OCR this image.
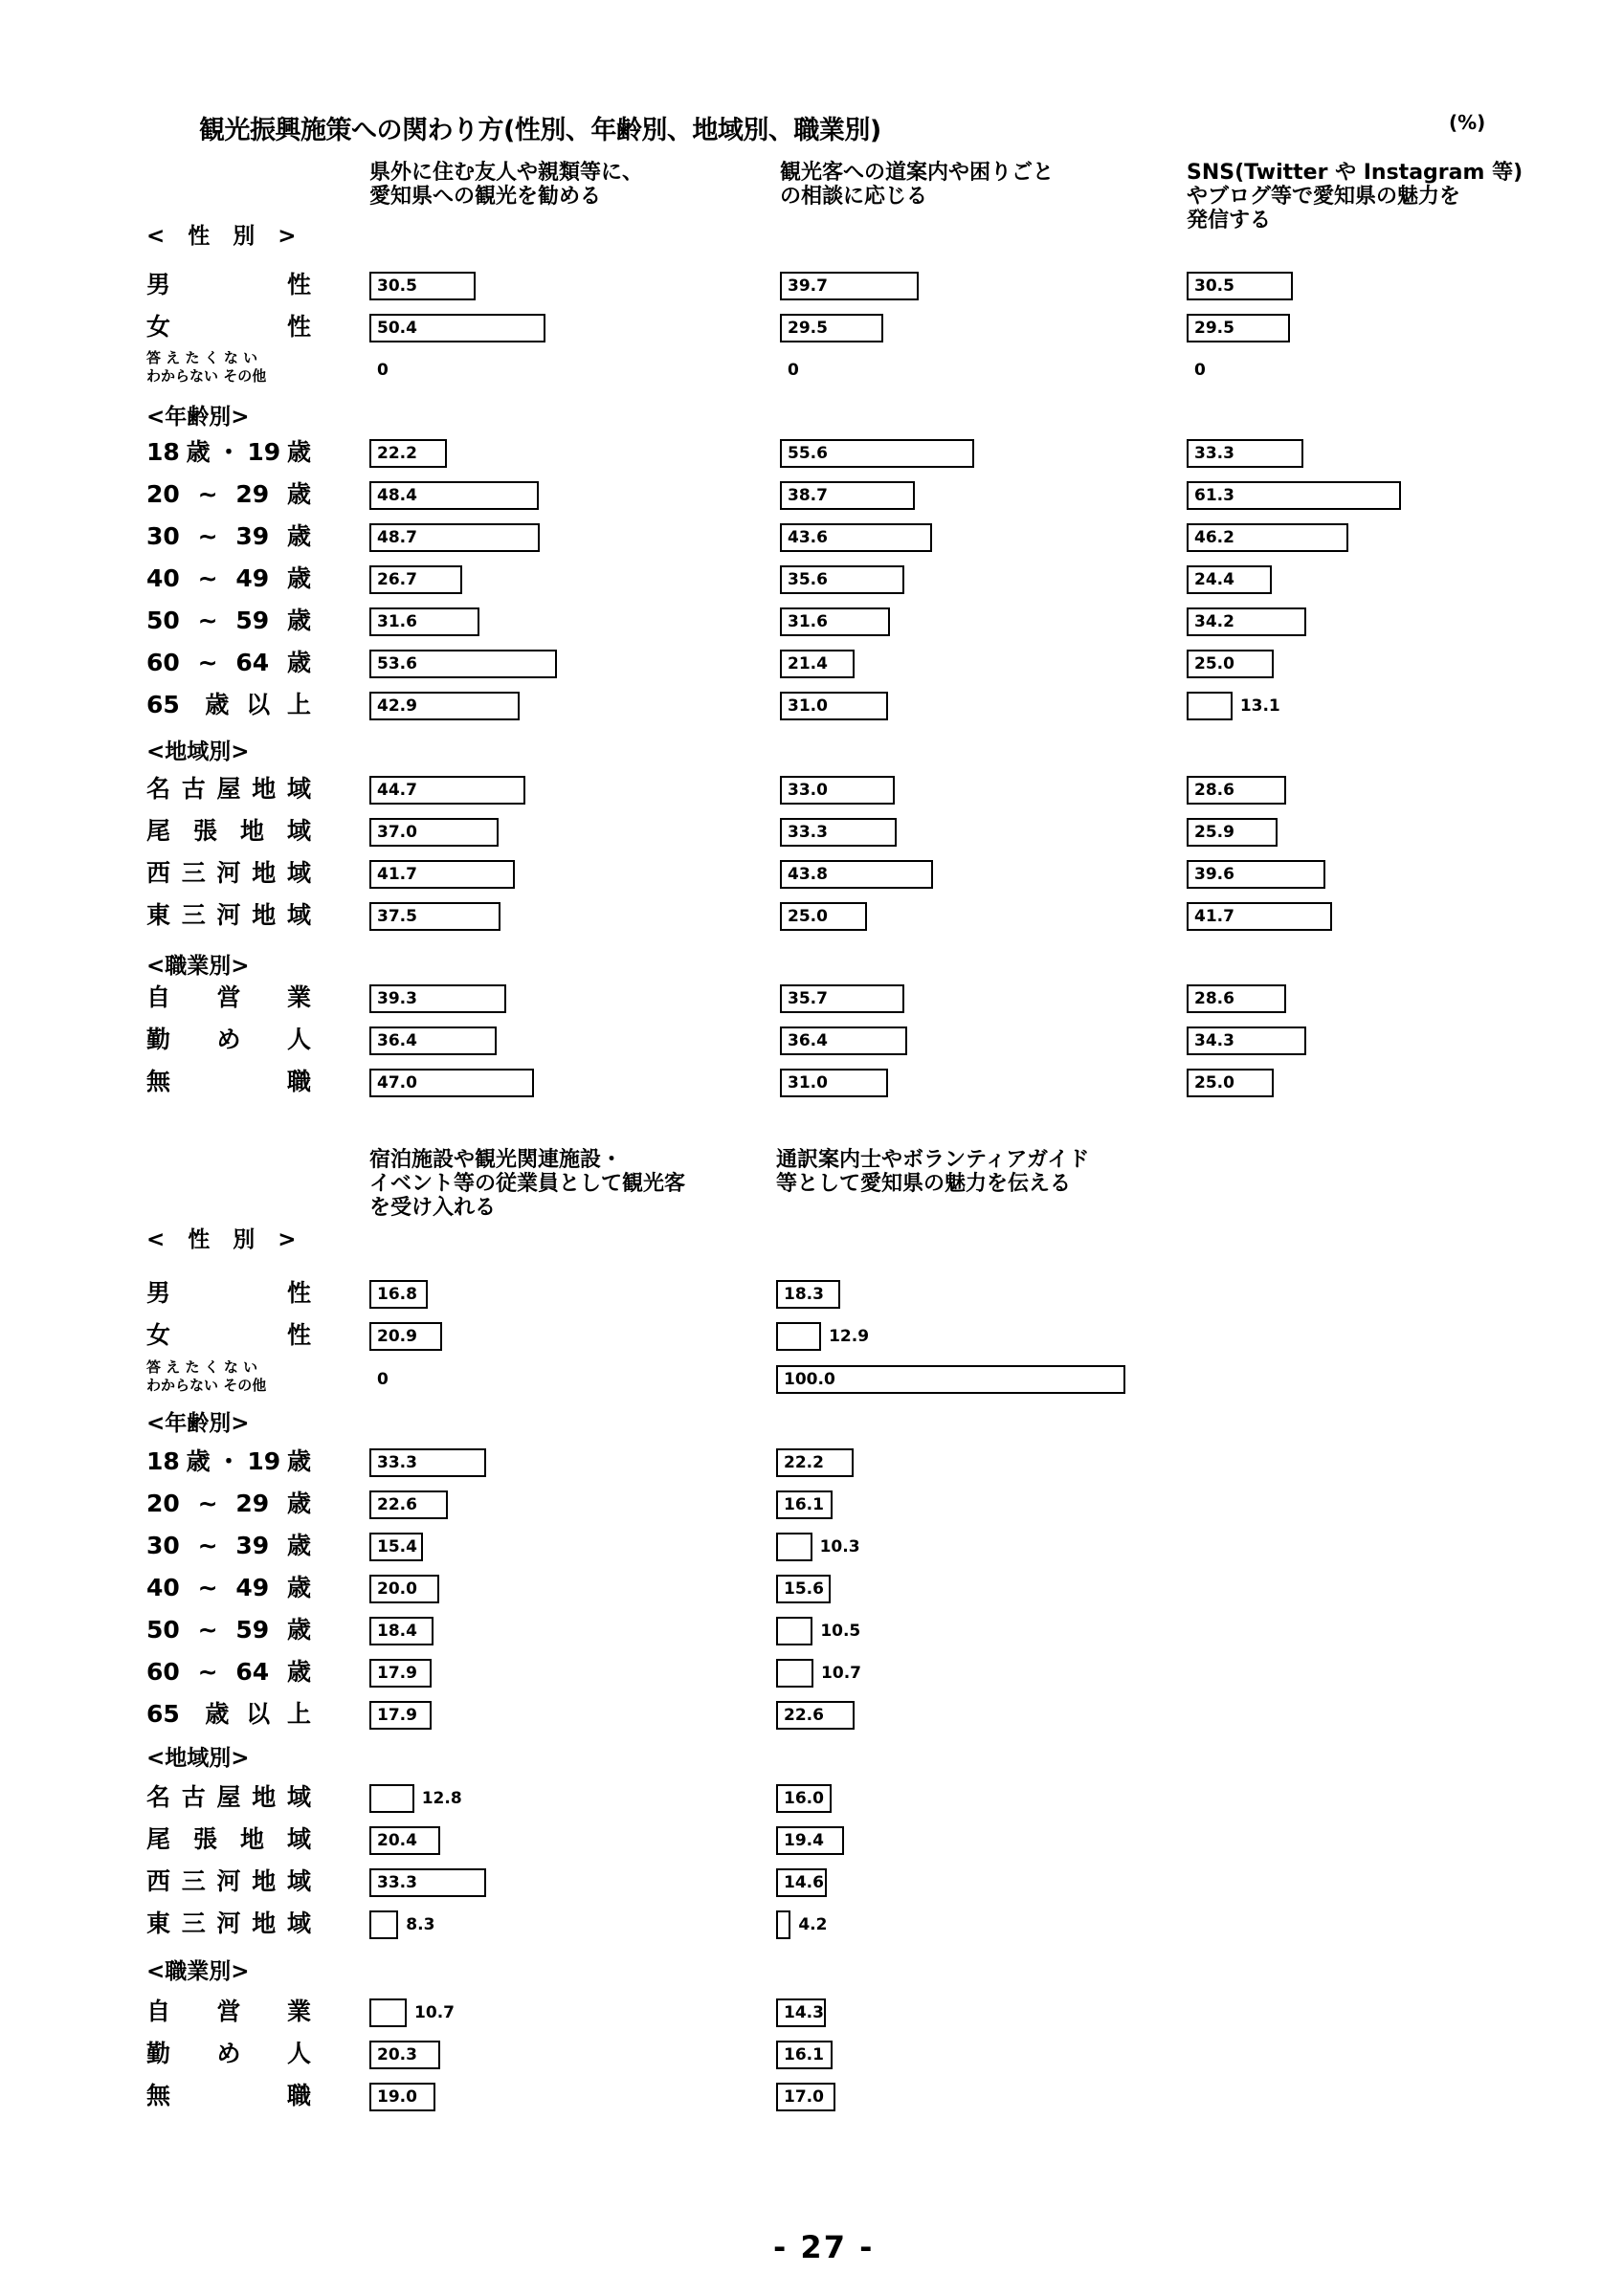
観光振興施策への関わり方(性別、年齢別、地域別、職業別)	(%)
県外に住む友人や親類等に、
愛知県への観光を勧める
観光客への道案内や困りごと
の相談に応じる
SNS(Twitter や Instagram 等)
やブログ等で愛知県の魅力を
発信する
< 性 別 >
男 性	30.5	39.7	30.5
女 性	50.4	29.5	29.5
答 え た く な い
わからない その他	0	0	0
<年齢別>
18歳・19歳	22.2	55.6	33.3
20 ~ 29 歳	48.4	38.7	61.3
30 ~ 39 歳	48.7	43.6	46.2
40 ~ 49 歳	26.7	35.6	24.4
50 ~ 59 歳	31.6	31.6	34.2
60 ~ 64 歳	53.6	21.4	25.0
65 歳以上	42.9	31.0	13.1
<地域別>
名古屋地域	44.7	33.0	28.6
尾張地域	37.0	33.3	25.9
西三河地域	41.7	43.8	39.6
東三河地域	37.5	25.0	41.7
<職業別>
自 営 業	39.3	35.7	28.6
勤 め 人	36.4	36.4	34.3
無 職	47.0	31.0	25.0
宿泊施設や観光関連施設・
イベント等の従業員として観光客
を受け入れる
通訳案内士やボランティアガイド
等として愛知県の魅力を伝える
< 性 別 >
男 性	16.8	18.3
女 性	20.9	12.9
答 え た く な い
わからない その他	0	100.0
<年齢別>
18歳・19歳	33.3	22.2
20 ~ 29 歳	22.6	16.1
30 ~ 39 歳	15.4	10.3
40 ~ 49 歳	20.0	15.6
50 ~ 59 歳	18.4	10.5
60 ~ 64 歳	17.9	10.7
65 歳以上	17.9	22.6
<地域別>
名古屋地域	12.8	16.0
尾張地域	20.4	19.4
西三河地域	33.3	14.6
東三河地域	8.3	4.2
<職業別>
自 営 業	10.7	14.3
勤 め 人	20.3	16.1
無 職	19.0	17.0
- 27 -
